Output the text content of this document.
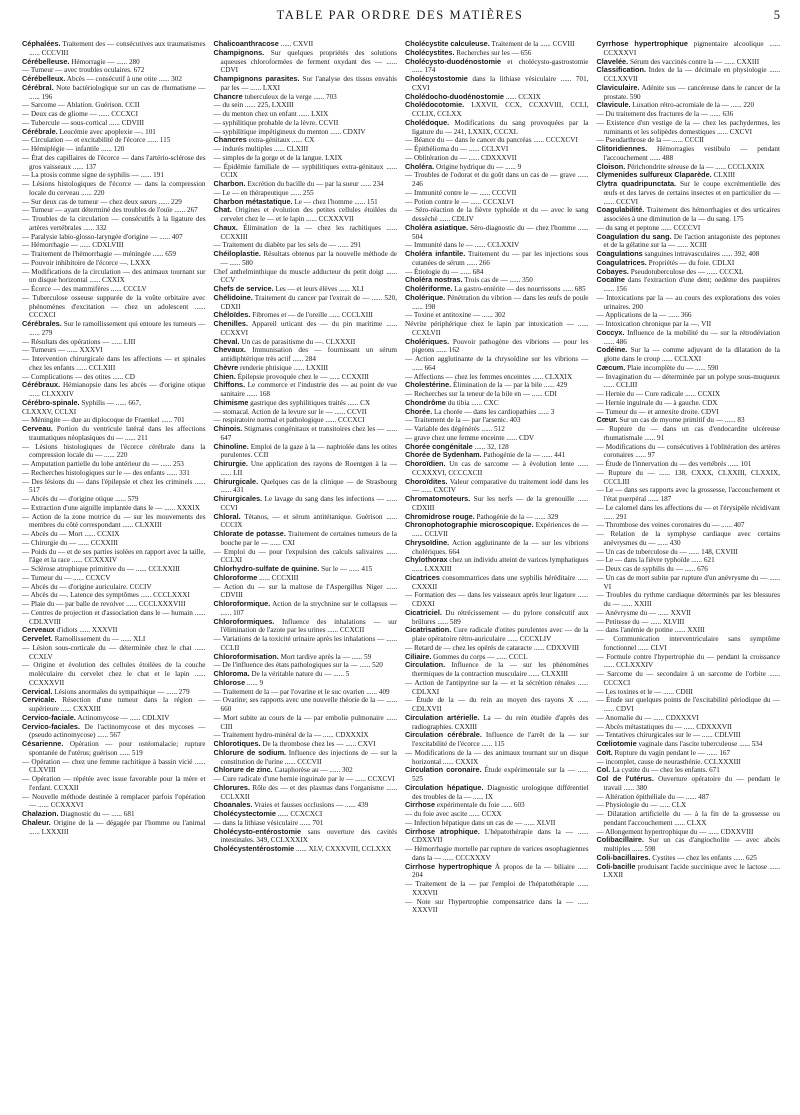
TABLE PAR ORDRE DES MATIÈRES	5

Céphalées. Traitement des — consécutives aux traumatismes ...... CCCVIII

Cérébelleuse. Hémorragie — ...... 280

— Tumeur — avec troubles oculaires. 672

Cérébelleux. Abcès — consécutif à une otite ...... 302

Cérébral. Note bactériologique sur un cas de rhumatisme — ...... 196

— Sarcome — Ablation. Guérison. CCII

— Deux cas de gliome — ...... CCCXCI

— Tubercule — sous-cortical ...... CDVIII

Cérébrale. Leucémie avec apoplexie —. 101

— Circulation — et excitabilité de l'écorce ...... 115

— Hémiplégie — infantile ...... 120

— État des capillaires de l'écorce — dans l'artério-sclérose des gros vaisseaux ...... 137

— La ptosis comme signe de syphilis — ...... 191

— Lésions histologiques de l'écorce — dans la compression locale du cerveau ...... 220

— Sur deux cas de tumeur — chez deux sœurs ...... 229

— Tumeur — ayant déterminé des troubles de l'ouïe ...... 267

— Troubles de la circulation — consécutifs à la ligature des artères vertébrales ...... 332

— Paralysie labio-glosso-laryngée d'origine — ...... 407

— Hémorrhagie — ...... CDXLVIII

— Traitement de l'hémorrhagie — méningée ...... 659

— Pouvoir inhibitoire de l'écorce —. LXXX

— Modifications de la circulation — des animaux tournant sur un disque horizontal ...... CXXIX

— Écorce — des mammifères ...... CCCLV

— Tuberculose osseuse suppurée de la voûte orbitaire avec phénomènes d'excitation — chez un adolescent ...... CCCXCI

Cérébrales. Sur le ramollissement qui entoure les tumeurs — ...... 279

— Résultats des opérations — ...... LIII

— Tumeurs — ...... XXXVI

— Intervention chirurgicale dans les affections — et spinales chez les enfants ...... CCLXIII

— Complications — des otites ...... CD

Cérébraux. Hémianopsie dans les abcès — d'origine otique ...... CLXXXIV

Cérébro-spinale. Syphilis — ...... 667,

CLXXXV, CCLXI

— Méningite — due au diplocoque de Fraenkel ...... 701

Cerveau. Portion du ventricule latéral dans les affections traumatiques néoplasiques du — ...... 211

— Lésions histologiques de l'écorce cérébrale dans la compression locale du — ...... 220

— Amputation partielle du lobe antérieur du — ...... 253

— Recherches histologiques sur le — des enfants ...... 331

— Des lésions du — dans l'épilepsie et chez les criminels ...... 517

— Abcès du — d'origine otique ...... 579

— Extraction d'une aiguille implantée dans le — ...... XXXIX

— Action de la zone motrice du — sur les mouvements des membres du côté correspondant ...... CLXXIII

— Abcès du — Mort ...... CCXIX

— Chirurgie du — ...... CCXXIII

— Poids du — et de ses parties isolées en rapport avec la taille, l'âge et la race ...... CCXXXIV

— Sclérose atrophique primitive du — ...... CCLXXIII

— Tumeur du — ...... CCXCV

— Abcès du — d'origine auriculaire. CCCIV

— Abcès du —. Latence des symptômes ...... CCCLXXXI

— Plaie du — par balle de revolver ...... CCCLXXXVIII

— Centres de projection et d'association dans le — humain ...... CDLXVIII

Cerveaux d'idiots ...... XXXVII

Cervelet. Ramollissement du — ...... XLI

— Lésion sous-corticale du — déterminée chez le chat ...... CCXLV

— Origine et évolution des cellules étoilées de la couche moléculaire du cervelet chez le chat et le lapin ...... CCXXXVII

Cervical. Lésions anormales du sympathique — ...... 279

Cervicale. Résection d'une tumeur dans la région — supérieure ...... CXXXIII

Cervico-faciale. Actinomycose — ...... CDLXIV

Cervico-faciales. De l'actinomycose et des mycoses — (pseudo actinomycose) ...... 567

Césarienne. Opération — pour ostéomalacie; rupture spontanée de l'utérus; guérison ...... 519

— Opération — chez une femme rachitique à bassin vicié ...... CLXVIII

— Opération — répétée avec issue favorable pour la mère et l'enfant. CCXXII

— Nouvelle méthode destinée à remplacer parfois l'opération — ...... CCXXXVI

Chalazion. Diagnostic du — ...... 681

Chaleur. Origine de la — dégagée par l'homme ou l'animal ...... LXXXIII

Chalicoanthracose ...... CXVII

Champignons. Sur quelques propriétés des solutions aqueuses chloroformées de ferment oxydant des — ...... CDVI

Champignons parasites. Sur l'analyse des tissus envahis par les — ...... LXXI

Chancre tuberculeux de la verge ...... 703

— du sein ...... 225, LXXIII

— du menton chez un enfant ...... LXIX

— syphilitique probable de la lèvre. CCVII

— syphilitique impétigineux du menton ...... CDXIV

Chancres extra-génitaux ...... CX

— indurés multiples ...... CLXIII

— simples de la gorge et de la langue. LXIX

— Épidémie familiale de — syphilitiques extra-génitaux ...... CCIX

Charbon. Excrétion du bacille du — par la sueur ...... 234

— Le — en thérapeutique ...... 255

Charbon métastatique. Le — chez l'homme ...... 151

Chat. Origines et évolution des petites cellules étoilées du cervelet chez le — et le lapin ...... CCXXXVII

Chaux. Élimination de la — chez les rachitiques ...... CCXXIII

— Traitement du diabète par les sels de — ...... 291

Chéiloplastie. Résultats obtenus par la nouvelle méthode de — ...... 580

Chef anthelminthique du muscle adducteur du petit doigt ...... CCV

Chefs de service. Les — et leurs élèves ...... XLI

Chélidoine. Traitement du cancer par l'extrait de — ...... 520, CDXII

Chéloïdes. Fibromes et — de l'oreille ...... CCCLXIII

Chenilles. Appareil urticant des — du pin maritime ...... CCXXVI

Cheval. Un cas de parasitisme du —. CLXXXII

Chevaux. Immunisation des — fournissant un sérum antidiphtérique très actif ...... 284

Chèvre renderie phtisique ...... LXXIII

Chien. Épilepsie provoquée chez le — ...... CCXXIII

Chiffons. Le commerce et l'industrie des — au point de vue sanitaire ...... 168

Chimisme gastrique des syphilitiques traités ...... CX

— stomacal. Action de la levure sur le — ...... CCVII

— respiratoire normal et pathologique ...... CCCXCI

Chinois. Stigmates congénitaux et transitoires chez les — ...... 647

Chinoline. Emploi de la gaze à la — naphtolée dans les otites purulentes. CCII

Chirurgie. Une application des rayons de Roentgen à la — ...... LII

Chirurgicale. Quelques cas de la clinique — de Strasbourg ...... 431

Chirurgicales. Le lavage du sang dans les infections — ...... CCVI

Chloral. Tétanos, — et sérum antitétanique. Guérison ...... CCCIX

Chlorate de potasse. Traitement de certaines tumeurs de la bouche par le — ...... CXI

— Emploi du — pour l'expulsion des calculs salivaires ...... CCLXI

Chlorhydro-sulfate de quinine. Sur le — ...... 415

Chloroforme ...... CCCXIII

— Action du — sur la maltose de l'Aspergillus Niger ...... CDVIII

Chloroformique. Action de la strychnine sur le collapsus — ...... 107

Chloroformiques. Influence des inhalations — sur l'élimination de l'azote par les urines ...... CCXCII

— Variations de la toxicité urinaire après les inhalations — ...... CCLII

Chloroformisation. Mort tardive après la — ...... 59

— De l'influence des états pathologiques sur la — ...... 520

Chloroma. De la véritable nature du — ...... 5

Chlorose ...... 9

— Traitement de la — par l'ovarine et le suc ovarien ...... 409

— Ovarine; ses rapports avec une nouvelle théorie de la — ...... 660

— Mort subite au cours de la — par embolie pulmonaire ...... CIII

— Traitement hydro-minéral de la — ...... CDXXXIX

Chlorotiques. De la thrombose chez les — ...... CXVI

Chlorure de sodium. Influence des injections de — sur la constitution de l'urine ...... CCCVII

Chlorure de zinc. Cataphorèse au — ...... 302

— Cure radicale d'une hernie inguinale par le — ...... CCXCVI

Chlorures. Rôle des — et des plasmas dans l'organisme ...... CCLXXII

Choanales. Vraies et fausses occlusions — ...... 439

Cholécystectomie ...... CCXCXCI

— dans la lithiase vésiculaire ...... 701

Cholécysto-entérostomie sans ouverture des cavités intestinales. 349, CCLXXXIX

Cholécystentérostomie ...... XLV, CXXXVIII, CCLXXX

Cholécystite calculeuse. Traitement de la ...... CCVIII

Cholécystites. Recherches sur les — 656

Cholécysto-duodénostomie et cholécysto-gastrostomie ...... 174

Cholécystostomie dans la lithiase vésiculaire ...... 701, CXVI

Cholédocho-duodénostomie ...... CCXIX

Cholédocotomie. LXXVII, CCX, CCXXVIII, CCLI, CCLIX, CCLXX

Cholédoque. Modifications du sang provoquées par la ligature du — 241, LXXIX, CCCXL

— Béance du — dans le cancer du pancréas ...... CCCXCVI

— Épithélioma du — ...... CCLXVI

— Oblitération du — ...... CDXXXVII

Choléra. Origine hydrique du — ...... 9

— Troubles de l'odorat et du goût dans un cas de — grave ...... 246

— Immunité contre le — ...... CCCVII

— Potion contre le — ...... CCCXLVI

— Séro-réaction de la fièvre typhoïde et du — avec le sang desséché ...... CDLIV

Choléra asiatique. Séro-diagnostic du — chez l'homme ...... 504

— Immunité dans le — ...... CCLXXIV

Choléra infantile. Traitement du — par les injections sous cutanées de sérum ...... 266

— Étiologie du — ...... 684

Choléra nostras. Trois cas de — ...... 350

Cholériforme. La gastro-entérite — des nourrissons ...... 685

Cholérique. Pénétration du vibrion — dans les œufs de poule ...... 198

— Toxine et antitoxine — ...... 302

Névrite périphérique chez le lapin par intoxication — ...... CCXLVII

Cholériques. Pouvoir pathogène des vibrions — pour les pigeons ...... 162

— Action agglutinante de la chrysoïdine sur les vibrions — ...... 664

— Affections — chez les femmes enceintes ...... CLXXIX

Cholestérine. Élimination de la — par la bile ...... 429

— Recherches sur la teneur de la bile en — ...... CDI

Chondrôme du tibia ...... CXC

Chorée. La chorée — dans les cardiopathies ...... 3

— Traitement de la — par l'arsenic. 403

— Variable des dégénérés ...... 512

— grave chez une femme enceinte ...... CDV

Chorée congénitale ...... 32, 128

Chorée de Sydenham. Pathogénie de la — ...... 441

Choroïdien. Un cas de sarcome — à évolution lente ...... CCXXXVI, CCCCXCII

Choroïdites. Valeur comparative du traitement iodé dans les — ...... CXCIV

Chromatomoteurs. Sur les nerfs — de la grenouille ...... CDXIII

Chromidrose rouge. Pathogénie de la — ...... 329

Chronophotographie microscopique. Expériences de — ...... CCLVII

Chrysoïdine. Action agglutinante de la — sur les vibrions cholériques. 664

Chylothorax chez un individu atteint de varices lymphatiques ...... LXXXIII

Cicatrices consommatrices dans une syphilis héréditaire ...... CXXXII

— Formation des — dans les vaisseaux après leur ligature ...... CDXXI

Cicatriciel. Du rétrécissement — du pylore consécutif aux brûlures ...... 589

Cicatrisation. Cure radicale d'otites purulentes avec — de la plaie opératoire rétro-auriculaire ...... CCCXLIV

— Retard de — chez les opérés de cataracte ...... CDXXVIII

Ciliaire. Gommes du corps — ...... CCCL

Circulation. Influence de la — sur les phénomènes thermiques de la contraction musculaire ...... CLXXIII

— Action de l'antipyrine sur la — et la sécrétion rénales ...... CDLXXI

— Étude de la — du rein au moyen des rayons X ...... CDLXVII

Circulation artérielle. La — du rein étudiée d'après des radiographies. CXXIII

Circulation cérébrale. Influence de l'arrêt de la — sur l'excitabilité de l'écorce ...... 115

— Modifications de la — des animaux tournant sur un disque horizontal ...... CXXIX

Circulation coronaire. Étude expérimentale sur la — ...... 525

Circulation hépatique. Diagnostic urologique différentiel des troubles de la — ...... IX

Cirrhose expérimentale du foie ...... 603

— du foie avec ascite ...... CCXX

— Infection hépatique dans un cas de — ...... XLVII

Cirrhose atrophique. L'hépatothérapie dans la — ...... CDXXVII

— Hémorrhagie mortelle par rupture de varices œsophagiennes dans la — ...... CCCXXXV

Cirrhose hypertrophique À propos de la — biliaire ...... 204

— Traitement de la — par l'emploi de l'hépatothérapie ...... XXXVII

— Note sur l'hypertrophie compensatrice dans la — ...... XXXVII

Cyrrhose hypertrophique pigmentaire alcoolique ...... CCXXXVI

Clavelée. Sérum des vaccinés contre la — ...... CXXIII

Classification. Index de la — décimale en physiologie ...... CCLXXVII

Claviculaire. Adénite sus — cancéreuse dans le cancer de la prostate. 590

Clavicule. Luxation rétro-acromiale de la — ...... 220

— Du traitement des fractures de la — ...... 636

— Existence d'un vestige de la — chez les pachydermes, les ruminants et les solipèdes domestiques ...... CXCVI

— Pseudarthrose de la — ...... CCCII

Clitoridiennes. Hémorragies vestibulo — pendant l'accouchement ...... 488

Cloison. Périchondrite séreuse de la — ...... CCCLXXIX

Clymenides sulfureux Claparède. CLXIII

Clytra quadripunctata. Sur le coupe excrémentielle des œufs et des larves de certains insectes et en particulier du — ...... CCCVI

Coagulabilité. Traitement des hémorrhagies et des urticaires associées à une diminution de la — du sang. 175

— du sang et peptone ...... CCCCVI

Coagulation du sang. De l'action antagoniste des peptones et de la gélatine sur la — ...... XCIII

Coagulations sanguines intravasculaires ...... 392, 408

Coagulatrices. Propriétés — du foie. CDLXI

Cobayes. Pseudotuberculose des — ...... CCCXL

Cocaïne dans l'extraction d'une dent; oedème des paupières ...... 156

— Intoxications par la — au cours des explorations des voies urinaires. 200

— Applications de la — ...... 366

— Intoxication chronique par la —. VII

Coccyx. Influence de la mobilité du — sur la rétrodéviation ...... 486

Codéine. Sur la — comme adjuvant de la dilatation de la glotte dans le croup ...... CCLXXI

Cæcum. Plaie incomplète du — ...... 590

— Invagination du — déterminée par un polype sous-muqueux ...... CCLIII

— Hernie du — Cure radicale ...... CCXIX

— Hernie inguinale du — à gauche. CDX

— Tumeur du — et annexite droite. CDVI

Cœur. Sur un cas de myome primitif du — ...... 83

— Rupture du — dans un cas d'endocardite ulcéreuse rhumatismale ...... 91

— Modifications du — consécutives à l'oblitération des artères coronaires ...... 97

— Étude de l'innervation du — des vertébrés ...... 101

— Rupture du — ...... 138, CXXX, CLXXIII, CLXXIX, CCCLIII

— Le — dans ses rapports avec la grossesse, l'accouchement et l'état puerpéral ...... 187

— Le calomel dans les affections du — et l'érysipèle récidivant ...... 291

— Thrombose des veines coronaires du — ...... 407

— Relation de la symphyse cardiaque avec certains anévrysmes du — ...... 430

— Un cas de tuberculose du — ...... 148, CXVIII

— Le — dans la fièvre typhoïde ...... 621

— Deux cas de syphilis du — ...... 676

— Un cas de mort subite par rupture d'un anévrysme du — ...... VI

— Troubles du rythme cardiaque déterminés par les blessures du — ...... XXIII

— Anévrysme du — ...... XXVII

— Petitesse du — ...... XLVIII

— dans l'anémie de potine ...... XXIII

— Communication interventriculaire sans symptôme fonctionnel ...... CLVI

— Formule contre l'hypertrophie du — pendant la croissance ...... CCLXXXIV

— Sarcome du — secondaire à un sarcome de l'orbite ...... CCCXCI

— Les toxines et le — ...... CDIII

— Étude sur quelques points de l'excitabilité périodique du — ...... CDVI

— Anomalie du — ...... CDXXXVI

— Abcès métastatiques du — ...... CDXXXVII

— Tentatives chirurgicales sur le — ...... CDLVIII

Cœliotomie vaginale dans l'ascite tuberculeuse ...... 534

Coït. Rupture du vagin pendant le — ...... 167

— incomplet, cause de neurasthénie. CCLXXXIII

Col. La cystite du — chez les enfants. 671

Col de l'utérus. Ouverture opératoire du — pendant le travail ...... 380

— Altération épithéliale du — ...... 487

— Physiologie du — ...... CLX

— Dilatation artificielle du — à la fin de la grossesse ou pendant l'accouchement ...... CLXX

— Allongement hypertrophique du — ...... CDXXVIII

Colibacillaire. Sur un cas d'angiocholite — avec abcès multiples ...... 598

Coli-bacillaires. Cystites — chez les enfants ...... 625

Coli-bacille produisant l'acide succinique avec le lactose ...... LXXII
